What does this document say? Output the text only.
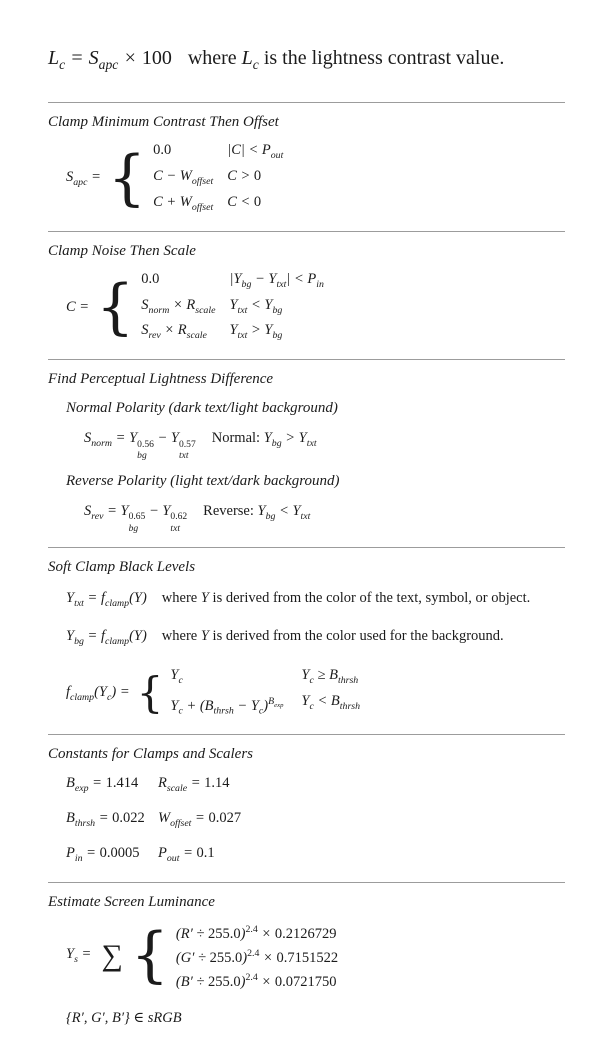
$L_c = S_{apc} \times 100$ where $L_c$ is the lightness contrast value.
Clamp Minimum Contrast Then Offset
$S_{apc}$ = { 0.0	$|C| < P_{out}$
$C - W_{offset}$ C > 0
$C + W_{offset}$ C < 0
Clamp Noise Then Scale
C = { 0.0	$|Y_{bg} - Y_{txt}| < P_{in}$
$S_{norm} \times R_{scale}$ $Y_{txt} < Y_{bg}$
$S_{rev} \times R_{scale}$ $Y_{txt} > Y_{bg}$
Find Perceptual Lightness Difference
Normal Polarity (dark text/light background)
$S_{norm} = Y$ 0.56
bg
− Y 0.57
txt
Normal: $Y_{bg} > Y_{txt}$
Reverse Polarity (light text/dark background)
$S_{rev} = Y$ 0.65
bg
− Y 0.62
txt
Reverse: $Y_{bg} < Y_{txt}$
Soft Clamp Black Levels
$Y_{txt} = f_{clamp}(Y)$ where Y is derived from the color of the text, symbol, or object.
$Y_{bg} = f_{clamp}(Y)$ where Y is derived from the color used for the background.
$f_{clamp}(Y_c)$ = { $Y_c$	$Y_c \ge B_{thrsh}$
$Y_c + (B_{thrsh} - Y_c)^{B_{exp}}$ $Y_c < B_{thrsh}$
Constants for Clamps and Scalers
$B_{exp} = 1.414$	$R_{scale} = 1.14$
$B_{thrsh} = 0.022$ $W_{offset} = 0.027$
$P_{in} = 0.0005$	$P_{out} = 0.1$
Estimate Screen Luminance
$Y_s$ = ∑ { $(R' \div 255.0)^{2.4} \times 0.2126729$
$(G' \div 255.0)^{2.4} \times 0.7151522$
$(B' \div 255.0)^{2.4} \times 0.0721750$
{R′, G′, B′} ∈ sRGB
